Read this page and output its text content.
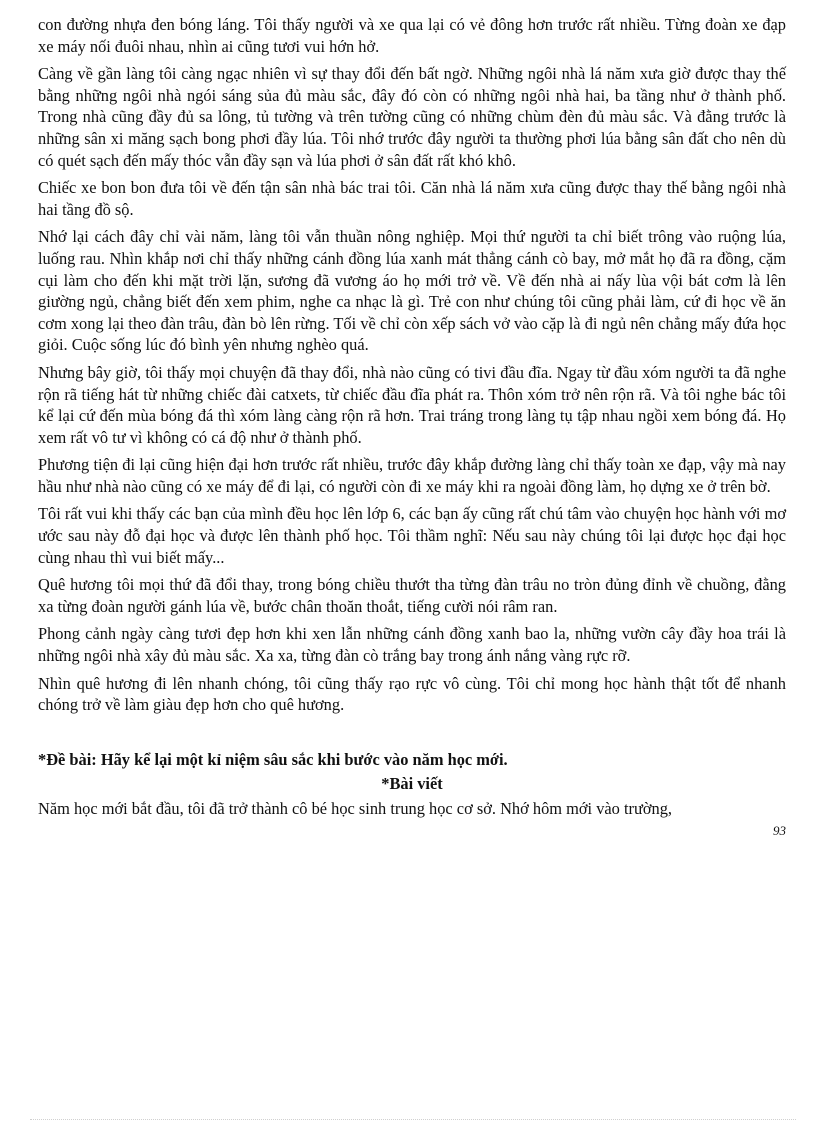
con đường nhựa đen bóng láng. Tôi thấy người và xe qua lại có vẻ đông hơn trước rất nhiều. Từng đoàn xe đạp xe máy nối đuôi nhau, nhìn ai cũng tươi vui hớn hở.

Càng về gần làng tôi càng ngạc nhiên vì sự thay đổi đến bất ngờ. Những ngôi nhà lá năm xưa giờ được thay thế bằng những ngôi nhà ngói sáng sủa đủ màu sắc, đây đó còn có những ngôi nhà hai, ba tầng như ở thành phố. Trong nhà cũng đầy đủ sa lông, tủ tường và trên tường cũng có những chùm đèn đủ màu sắc. Và đằng trước là những sân xi măng sạch bong phơi đầy lúa. Tôi nhớ trước đây người ta thường phơi lúa bằng sân đất cho nên dù có quét sạch đến mấy thóc vẫn đầy sạn và lúa phơi ở sân đất rất khó khô.

Chiếc xe bon bon đưa tôi về đến tận sân nhà bác trai tôi. Căn nhà lá năm xưa cũng được thay thế bằng ngôi nhà hai tầng đồ sộ.

Nhớ lại cách đây chỉ vài năm, làng tôi vẫn thuần nông nghiệp. Mọi thứ người ta chỉ biết trông vào ruộng lúa, luống rau. Nhìn khắp nơi chỉ thấy những cánh đồng lúa xanh mát thẳng cánh cò bay, mở mắt họ đã ra đồng, cặm cụi làm cho đến khi mặt trời lặn, sương đã vương áo họ mới trở về. Về đến nhà ai nấy lùa vội bát cơm là lên giường ngủ, chẳng biết đến xem phim, nghe ca nhạc là gì. Trẻ con như chúng tôi cũng phải làm, cứ đi học về ăn cơm xong lại theo đàn trâu, đàn bò lên rừng. Tối về chỉ còn xếp sách vở vào cặp là đi ngủ nên chẳng mấy đứa học giỏi. Cuộc sống lúc đó bình yên nhưng nghèo quá.

Nhưng bây giờ, tôi thấy mọi chuyện đã thay đổi, nhà nào cũng có tivi đầu đĩa. Ngay từ đầu xóm người ta đã nghe rộn rã tiếng hát từ những chiếc đài catxets, từ chiếc đầu đĩa phát ra. Thôn xóm trở nên rộn rã. Và tôi nghe bác tôi kể lại cứ đến mùa bóng đá thì xóm làng càng rộn rã hơn. Trai tráng trong làng tụ tập nhau ngồi xem bóng đá. Họ xem rất vô tư vì không có cá độ như ở thành phố.

Phương tiện đi lại cũng hiện đại hơn trước rất nhiều, trước đây khắp đường làng chỉ thấy toàn xe đạp, vậy mà nay hầu như nhà nào cũng có xe máy để đi lại, có người còn đi xe máy khi ra ngoài đồng làm, họ dựng xe ở trên bờ.

Tôi rất vui khi thấy các bạn của mình đều học lên lớp 6, các bạn ấy cũng rất chú tâm vào chuyện học hành với mơ ước sau này đỗ đại học và được lên thành phố học. Tôi thầm nghĩ: Nếu sau này chúng tôi lại được học đại học cùng nhau thì vui biết mấy...

Quê hương tôi mọi thứ đã đổi thay, trong bóng chiều thướt tha từng đàn trâu no tròn đủng đỉnh về chuồng, đằng xa từng đoàn người gánh lúa về, bước chân thoăn thoắt, tiếng cười nói râm ran.

Phong cảnh ngày càng tươi đẹp hơn khi xen lẫn những cánh đồng xanh bao la, những vườn cây đầy hoa trái là những ngôi nhà xây đủ màu sắc. Xa xa, từng đàn cò trắng bay trong ánh nắng vàng rực rỡ.

Nhìn quê hương đi lên nhanh chóng, tôi cũng thấy rạo rực vô cùng. Tôi chỉ mong học hành thật tốt để nhanh chóng trở về làm giàu đẹp hơn cho quê hương.

*Đề bài: Hãy kể lại một kỉ niệm sâu sắc khi bước vào năm học mới.

*Bài viết

Năm học mới bắt đầu, tôi đã trở thành cô bé học sinh trung học cơ sở. Nhớ hôm mới vào trường,

93
